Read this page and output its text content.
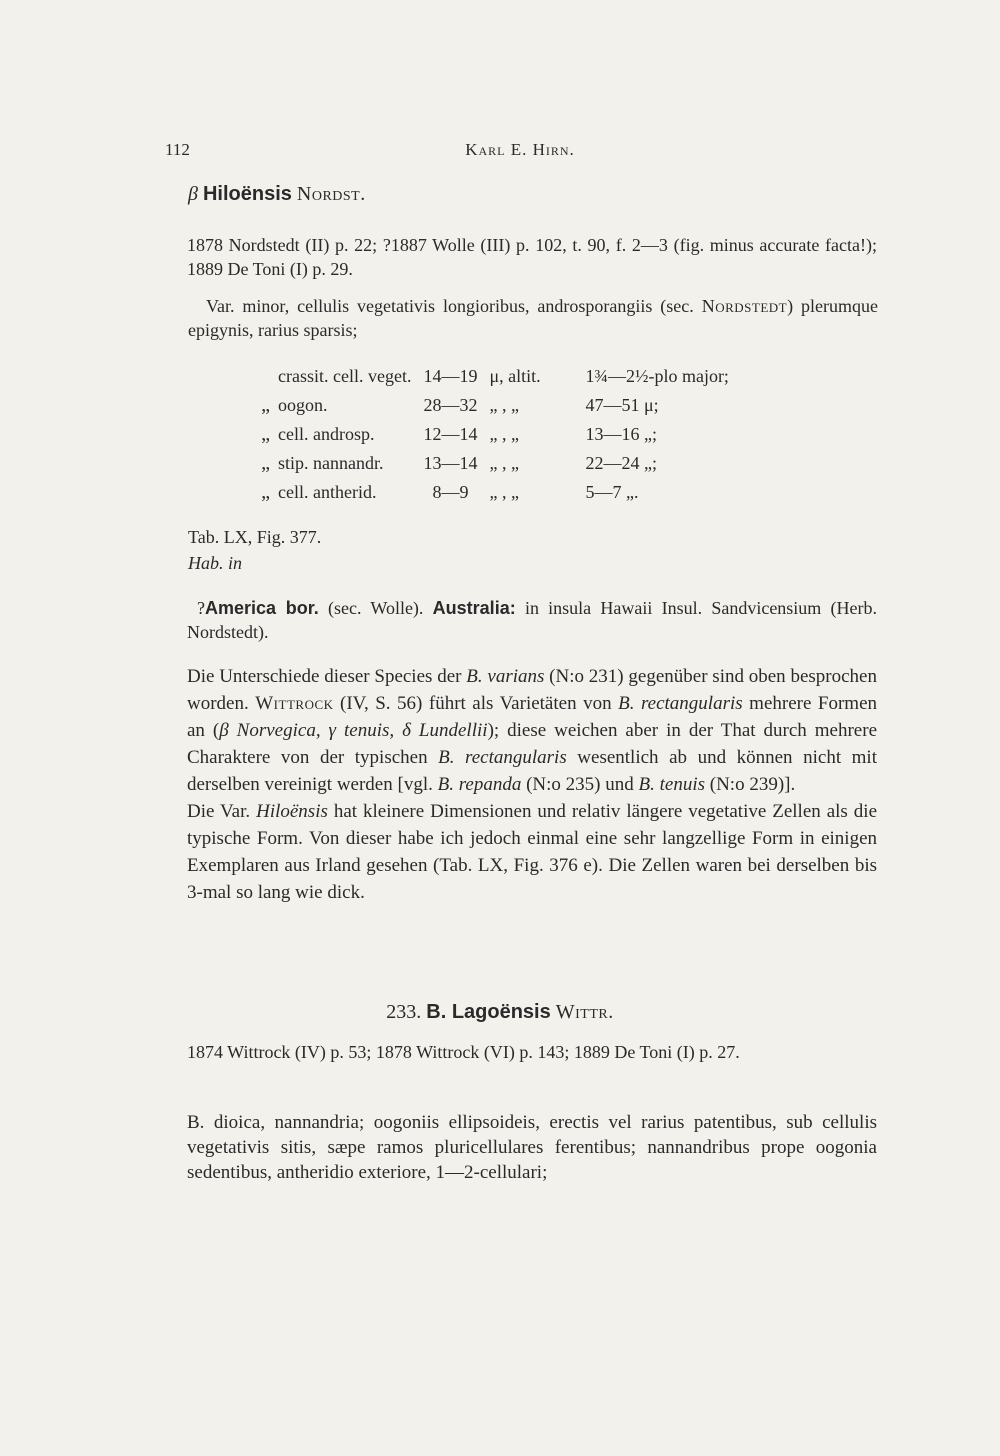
112	Karl E. Hirn.
β Hiloënsis Nordst.

1878 Nordstedt (II) p. 22; ?1887 Wolle (III) p. 102, t. 90, f. 2—3 (fig. minus accurate facta!); 1889 De Toni (I) p. 29.

Var. minor, cellulis vegetativis longioribus, androsporangiis (sec. Nordstedt) plerumque epigynis, rarius sparsis;

	crassit. cell. veget.	14—19	μ, altit.	1¾—2½-plo major;
„	oogon.	28—32	„ , „	47—51 μ;
„	cell. androsp.	12—14	„ , „	13—16 „;
„	stip. nannandr.	13—14	„ , „	22—24 „;
„	cell. antherid.	8—9	„ , „	5—7 „.
Tab. LX, Fig. 377.
Hab. in

?America bor. (sec. Wolle). Australia: in insula Hawaii Insul. Sandvicensium (Herb. Nordstedt).

Die Unterschiede dieser Species der B. varians (N:o 231) gegenüber sind oben besprochen worden. Wittrock (IV, S. 56) führt als Varietäten von B. rectangularis mehrere Formen an (β Norvegica, γ tenuis, δ Lundellii); diese weichen aber in der That durch mehrere Charaktere von der typischen B. rectangularis wesentlich ab und können nicht mit derselben vereinigt werden [vgl. B. repanda (N:o 235) und B. tenuis (N:o 239)].

Die Var. Hiloënsis hat kleinere Dimensionen und relativ längere vegetative Zellen als die typische Form. Von dieser habe ich jedoch einmal eine sehr langzellige Form in einigen Exemplaren aus Irland gesehen (Tab. LX, Fig. 376 e). Die Zellen waren bei derselben bis 3-mal so lang wie dick.

233. B. Lagoënsis Wittr.

1874 Wittrock (IV) p. 53; 1878 Wittrock (VI) p. 143; 1889 De Toni (I) p. 27.

B. dioica, nannandria; oogoniis ellipsoideis, erectis vel rarius patentibus, sub cellulis vegetativis sitis, sæpe ramos pluricellulares ferentibus; nannandribus prope oogonia sedentibus, antheridio exteriore, 1—2-cellulari;
